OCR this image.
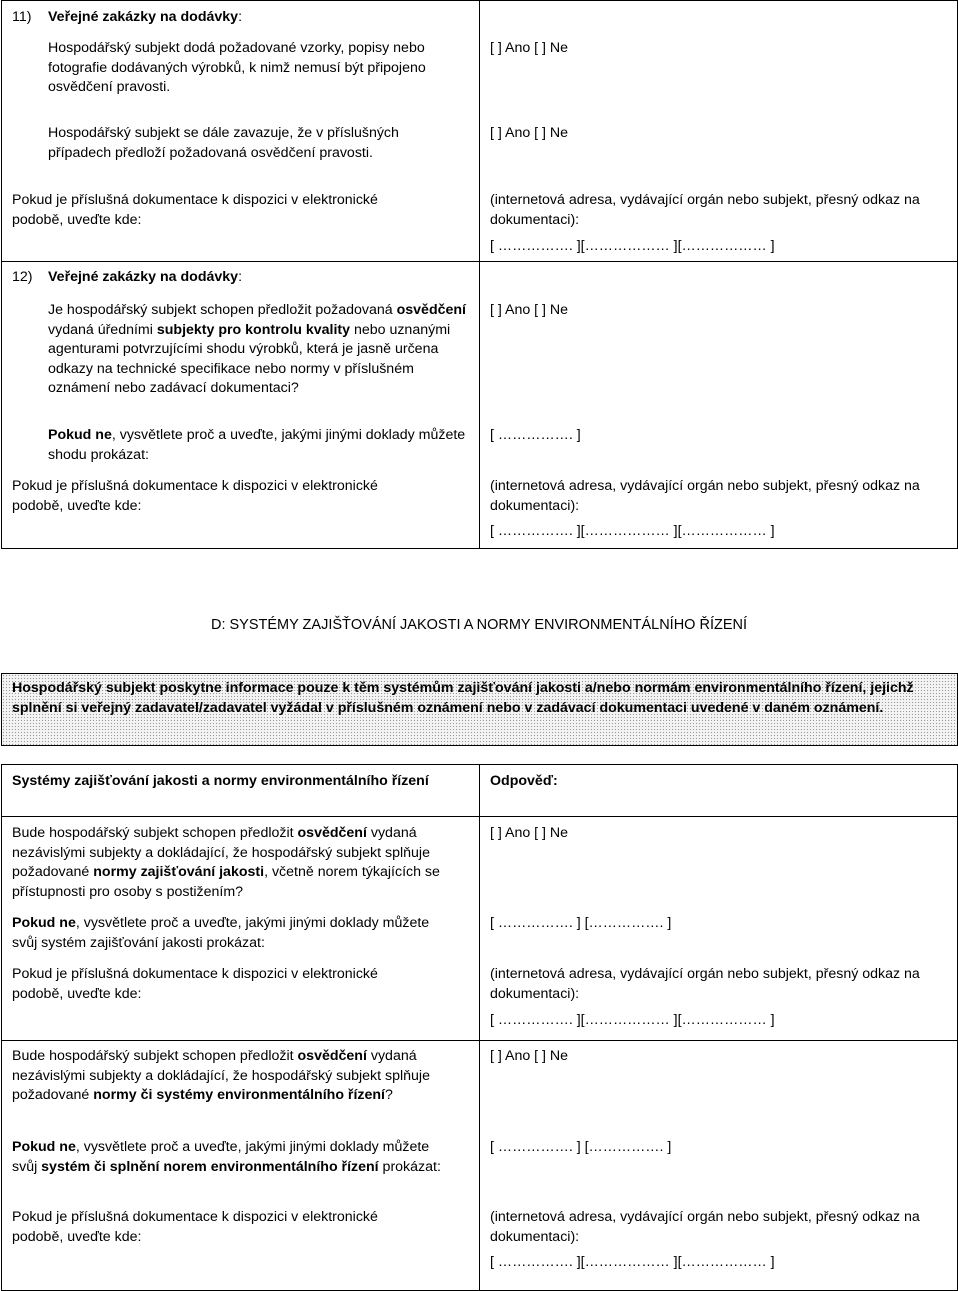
11) Veřejné zakázky na dodávky:
Hospodářský subjekt dodá požadované vzorky, popisy nebo fotografie dodávaných výrobků, k nimž nemusí být připojeno osvědčení pravosti.
[ ] Ano [ ] Ne
Hospodářský subjekt se dále zavazuje, že v příslušných případech předloží požadovaná osvědčení pravosti.
[ ] Ano [ ] Ne
Pokud je příslušná dokumentace k dispozici v elektronické podobě, uveďte kde:
(internetová adresa, vydávající orgán nebo subjekt, přesný odkaz na dokumentaci):
[ ……………. ][……………… ][……………… ]
12) Veřejné zakázky na dodávky:
Je hospodářský subjekt schopen předložit požadovaná osvědčení vydaná úředními subjekty pro kontrolu kvality nebo uznanými agenturami potvrzujícími shodu výrobků, která je jasně určena odkazy na technické specifikace nebo normy v příslušném oznámení nebo zadávací dokumentaci?
[ ] Ano [ ] Ne
Pokud ne, vysvětlete proč a uveďte, jakými jinými doklady můžete shodu prokázat:
[ ……………. ]
Pokud je příslušná dokumentace k dispozici v elektronické podobě, uveďte kde:
(internetová adresa, vydávající orgán nebo subjekt, přesný odkaz na dokumentaci):
[ ……………. ][……………… ][……………… ]
D: SYSTÉMY ZAJIŠŤOVÁNÍ JAKOSTI A NORMY ENVIRONMENTÁLNÍHO ŘÍZENÍ
Hospodářský subjekt poskytne informace pouze k těm systémům zajišťování jakosti a/nebo normám environmentálního řízení, jejichž splnění si veřejný zadavatel/zadavatel vyžádal v příslušném oznámení nebo v zadávací dokumentaci uvedené v daném oznámení.
Systémy zajišťování jakosti a normy environmentálního řízení	Odpověď:
Bude hospodářský subjekt schopen předložit osvědčení vydaná nezávislými subjekty a dokládající, že hospodářský subjekt splňuje požadované normy zajišťování jakosti, včetně norem týkajících se přístupnosti pro osoby s postižením?
[ ] Ano [ ] Ne
Pokud ne, vysvětlete proč a uveďte, jakými jinými doklady můžete svůj systém zajišťování jakosti prokázat:
[ ……………. ] [……………. ]
Pokud je příslušná dokumentace k dispozici v elektronické podobě, uveďte kde:
(internetová adresa, vydávající orgán nebo subjekt, přesný odkaz na dokumentaci):
[ ……………. ][……………… ][……………… ]
Bude hospodářský subjekt schopen předložit osvědčení vydaná nezávislými subjekty a dokládající, že hospodářský subjekt splňuje požadované normy či systémy environmentálního řízení?
[ ] Ano [ ] Ne
Pokud ne, vysvětlete proč a uveďte, jakými jinými doklady můžete svůj systém či splnění norem environmentálního řízení prokázat:
[ ……………. ] [……………. ]
Pokud je příslušná dokumentace k dispozici v elektronické podobě, uveďte kde:
(internetová adresa, vydávající orgán nebo subjekt, přesný odkaz na dokumentaci):
[ ……………. ][……………… ][……………… ]
